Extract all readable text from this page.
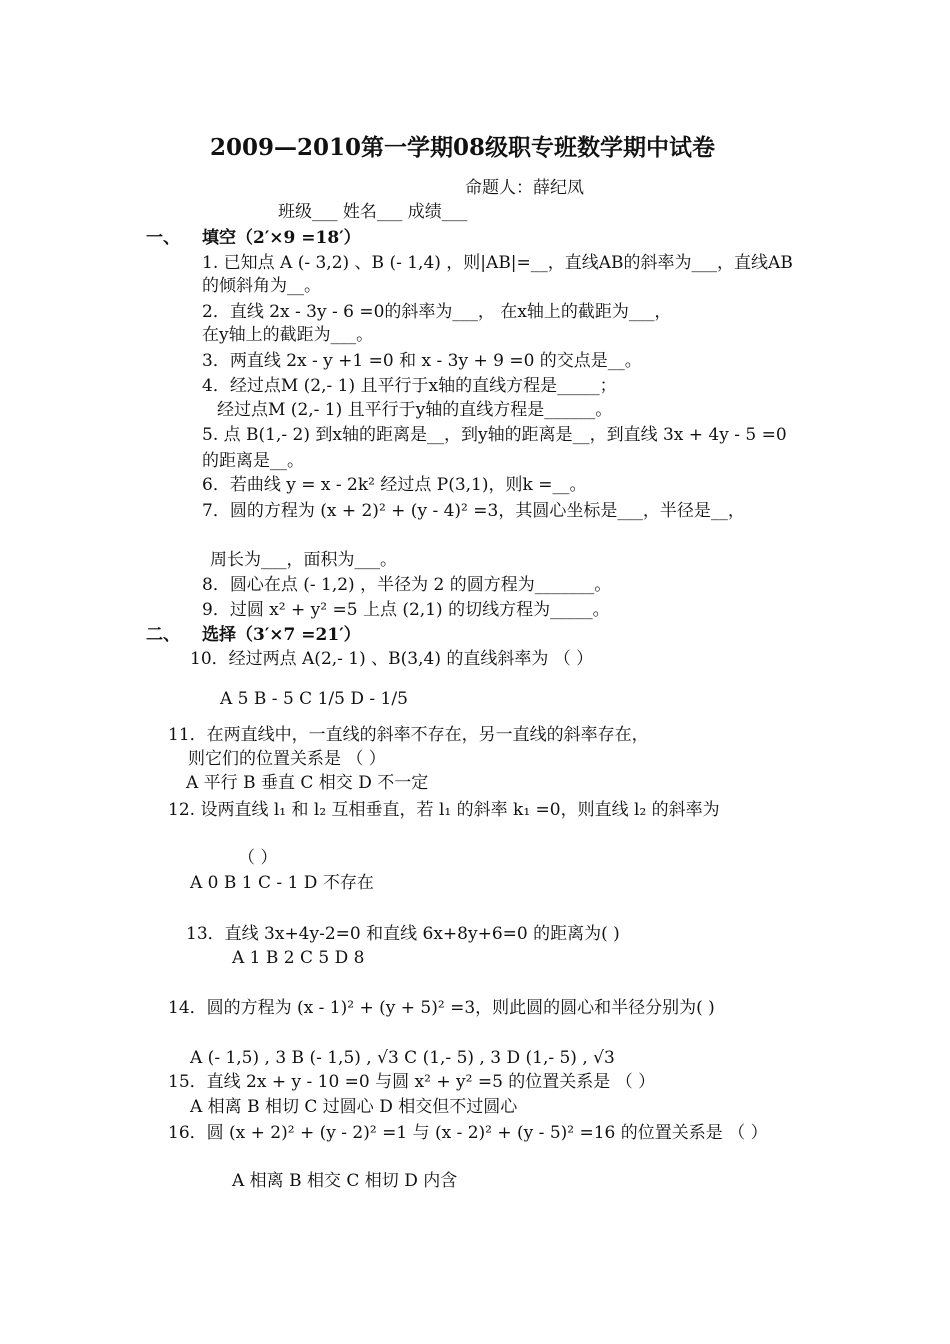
2009—2010第一学期08级职专班数学期中试卷
命题人：薛纪凤
班级___ 姓名___ 成绩___
一、 填空（2′×9 =18′）
1. 已知点 A (- 3,2) 、B (- 1,4) ，则|AB|=__，直线AB的斜率为___，直线AB
的倾斜角为__。
2．直线 2x - 3y - 6 =0的斜率为___， 在x轴上的截距为___，
在y轴上的截距为___。
3．两直线 2x - y +1 =0 和 x - 3y + 9 =0 的交点是__。
4．经过点M (2,- 1) 且平行于x轴的直线方程是_____；
经过点M (2,- 1) 且平行于y轴的直线方程是______。
5. 点 B(1,- 2) 到x轴的距离是__，到y轴的距离是__，到直线 3x + 4y - 5 =0
的距离是__。
6．若曲线 y = x - 2k² 经过点 P(3,1)，则k =__。
7．圆的方程为 (x + 2)² + (y - 4)² =3，其圆心坐标是___，半径是__，
周长为___，面积为___。
8．圆心在点 (- 1,2) ，半径为 2 的圆方程为_______。
9．过圆 x² + y² =5 上点 (2,1) 的切线方程为_____。
二、 选择（3′×7 =21′）
10．经过两点 A(2,- 1) 、B(3,4) 的直线斜率为 （ ）
A 5 B - 5 C 1/5 D - 1/5
11．在两直线中，一直线的斜率不存在，另一直线的斜率存在，
则它们的位置关系是 （ ）
A 平行 B 垂直 C 相交 D 不一定
12. 设两直线 l₁ 和 l₂ 互相垂直，若 l₁ 的斜率 k₁ =0，则直线 l₂ 的斜率为
（ ）
A 0 B 1 C - 1 D 不存在
13．直线 3x+4y-2=0 和直线 6x+8y+6=0 的距离为( )
A 1 B 2 C 5 D 8
14．圆的方程为 (x - 1)² + (y + 5)² =3，则此圆的圆心和半径分别为( )
A (- 1,5) , 3 B (- 1,5) , √3 C (1,- 5) , 3 D (1,- 5) , √3
15．直线 2x + y - 10 =0 与圆 x² + y² =5 的位置关系是 （ ）
A 相离 B 相切 C 过圆心 D 相交但不过圆心
16．圆 (x + 2)² + (y - 2)² =1 与 (x - 2)² + (y - 5)² =16 的位置关系是 （ ）
A 相离 B 相交 C 相切 D 内含
